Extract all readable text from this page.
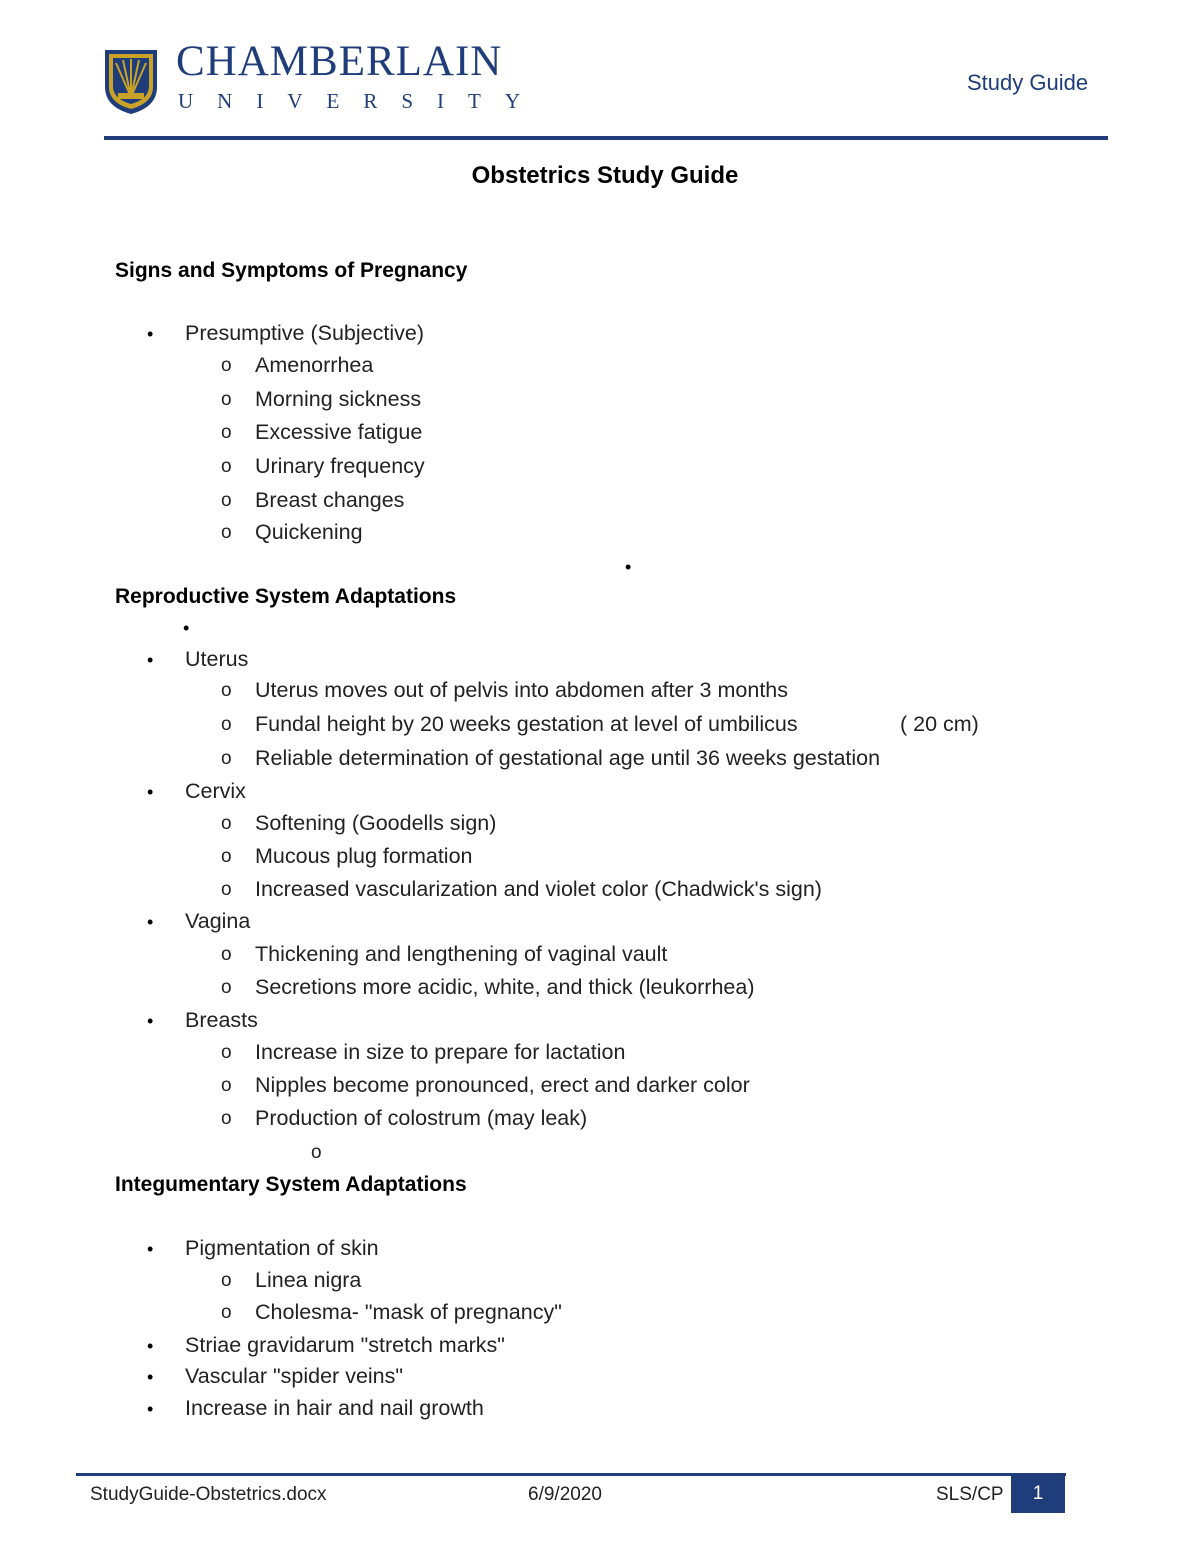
CHAMBERLAIN
UNIVERSITY
Study Guide
Obstetrics Study Guide
Signs and Symptoms of Pregnancy
• Presumptive (Subjective)
o Amenorrhea
o Morning sickness
o Excessive fatigue
o Urinary frequency
o Breast changes
o Quickening
•
Reproductive System Adaptations
•
• Uterus
o Uterus moves out of pelvis into abdomen after 3 months
o Fundal height by 20 weeks gestation at level of umbilicus	( 20 cm)
o Reliable determination of gestational age until 36 weeks gestation
• Cervix
o Softening (Goodells sign)
o Mucous plug formation
o Increased vascularization and violet color (Chadwick's sign)
• Vagina
o Thickening and lengthening of vaginal vault
o Secretions more acidic, white, and thick (leukorrhea)
• Breasts
o Increase in size to prepare for lactation
o Nipples become pronounced, erect and darker color
o Production of colostrum (may leak)
o
Integumentary System Adaptations
• Pigmentation of skin
o Linea nigra
o Cholesma- "mask of pregnancy"
• Striae gravidarum "stretch marks"
• Vascular "spider veins"
• Increase in hair and nail growth
StudyGuide-Obstetrics.docx	6/9/2020	SLS/CP	1
